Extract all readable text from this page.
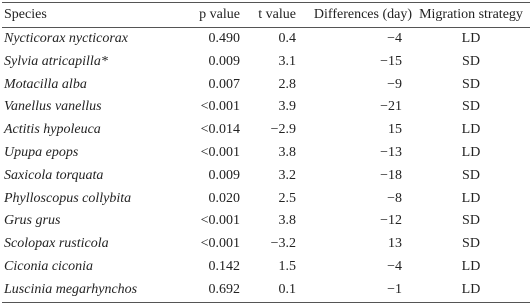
Species	p value	t value	Differences (day)	Migration strategy
Nycticorax nycticorax	0.490	0.4	−4	LD
Sylvia atricapilla*	0.009	3.1	−15	SD
Motacilla alba	0.007	2.8	−9	SD
Vanellus vanellus	<0.001	3.9	−21	SD
Actitis hypoleuca	<0.014	−2.9	15	LD
Upupa epops	<0.001	3.8	−13	LD
Saxicola torquata	0.009	3.2	−18	SD
Phylloscopus collybita	0.020	2.5	−8	LD
Grus grus	<0.001	3.8	−12	SD
Scolopax rusticola	<0.001	−3.2	13	SD
Ciconia ciconia	0.142	1.5	−4	LD
Luscinia megarhynchos	0.692	0.1	−1	LD
